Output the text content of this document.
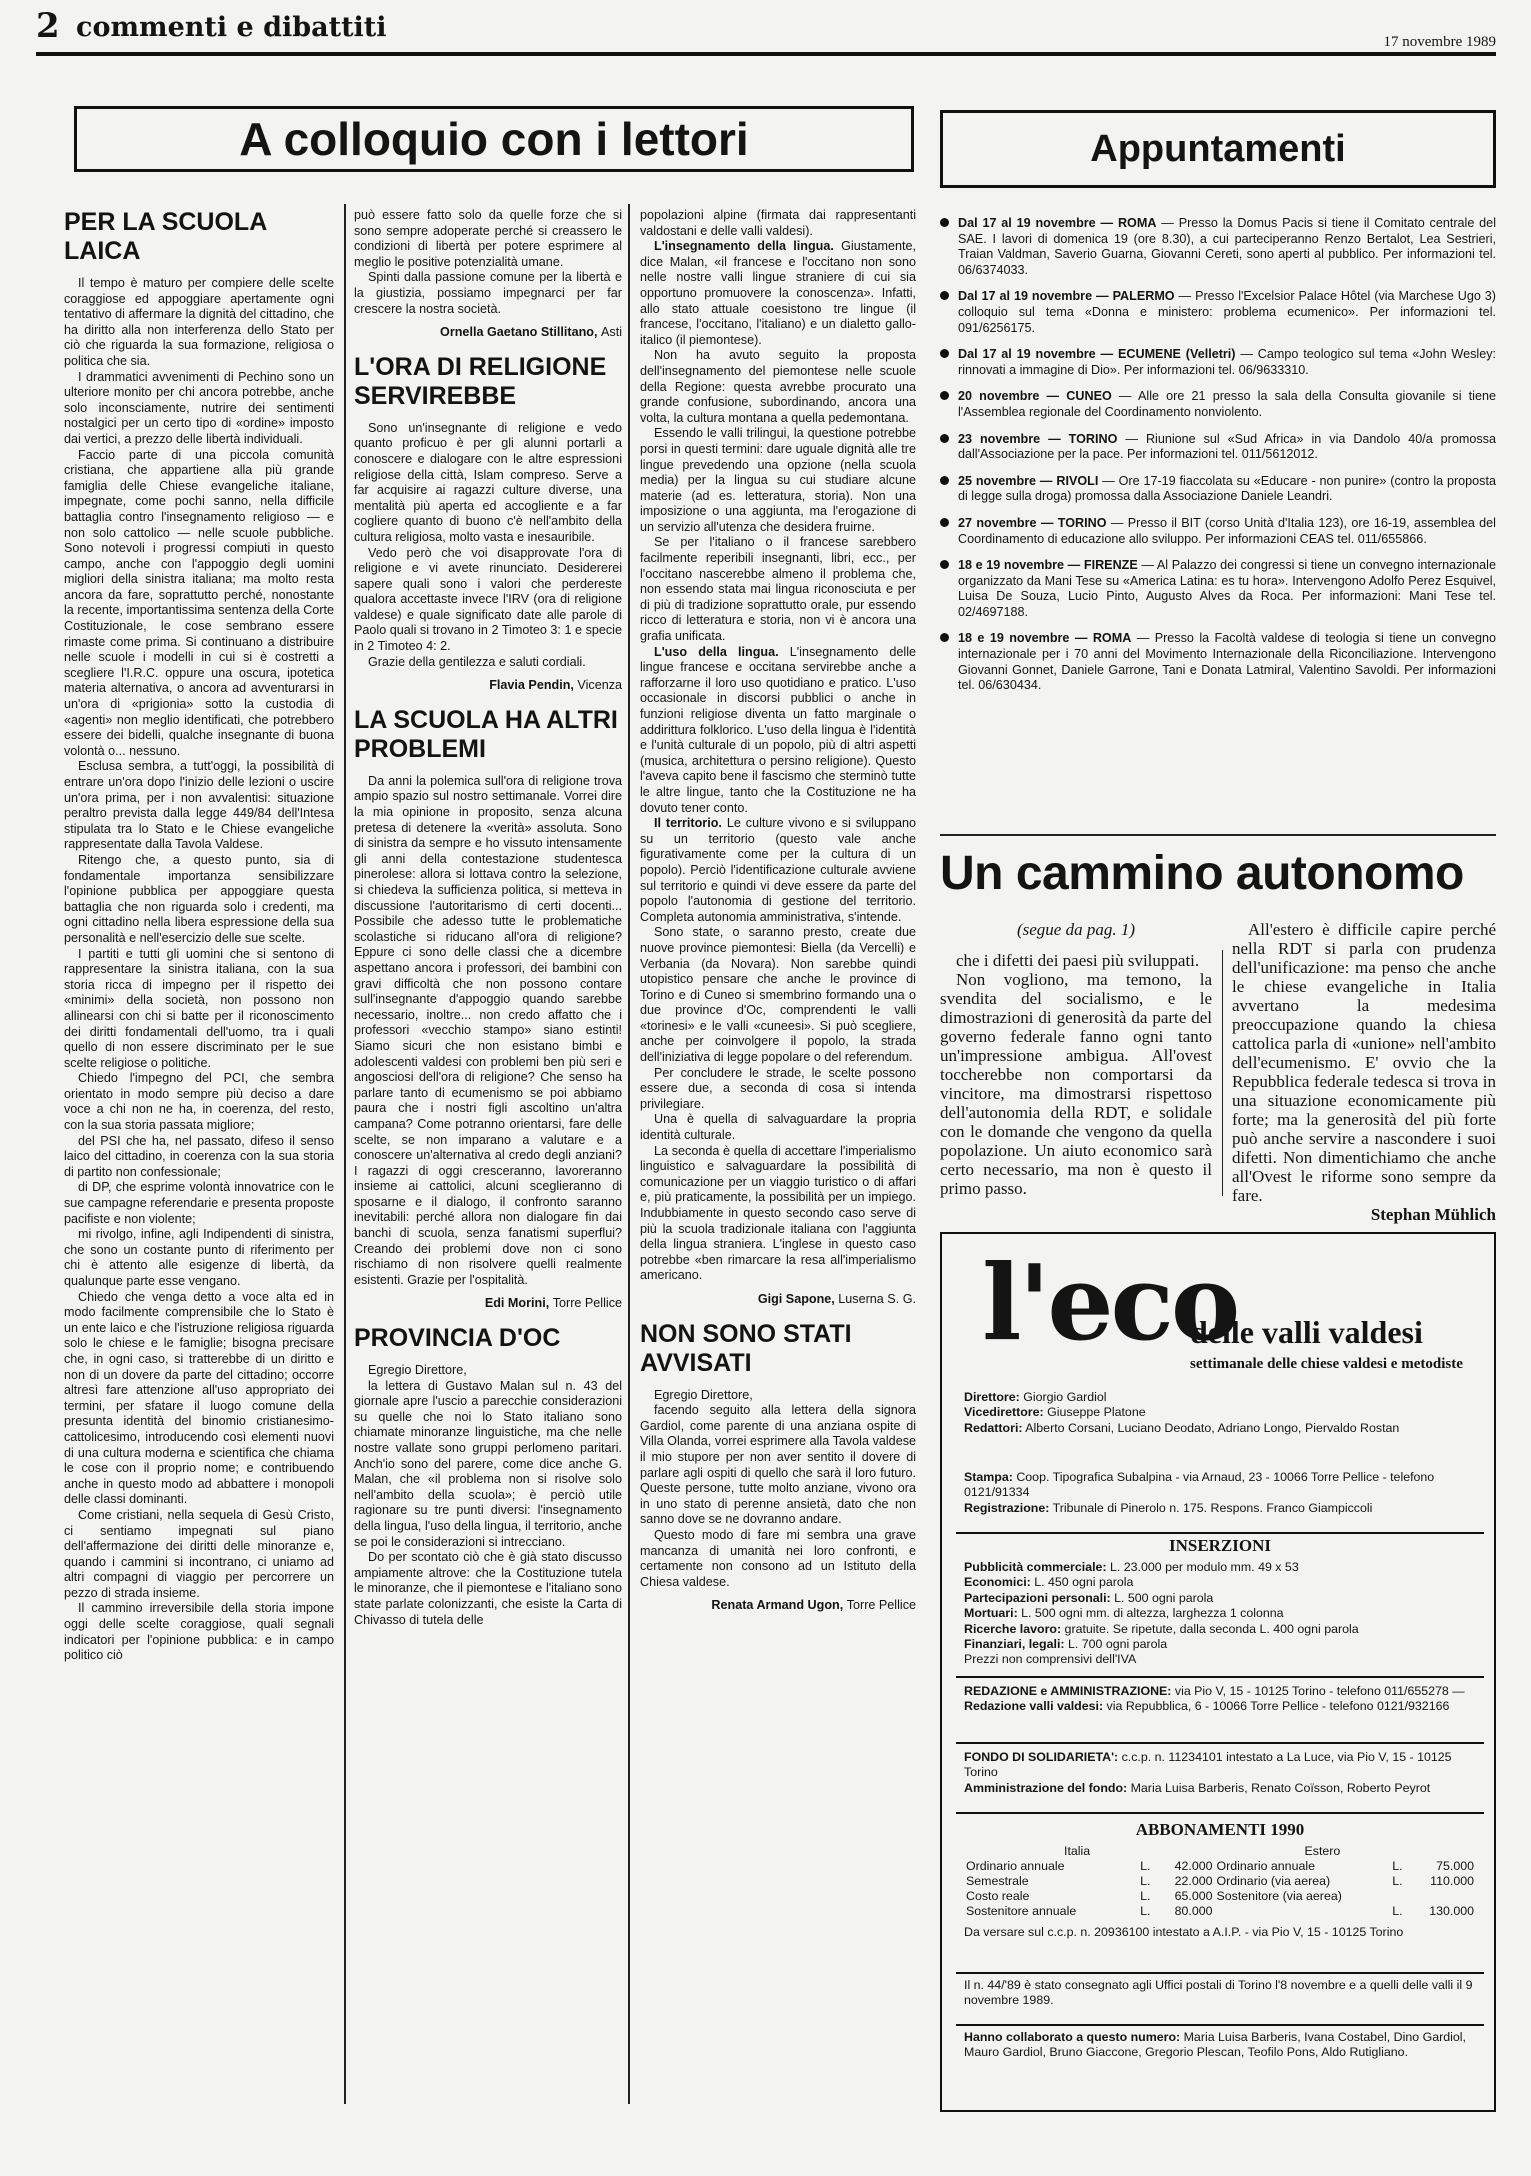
2 commenti e dibattiti	17 novembre 1989
A colloquio con i lettori	Appuntamenti
PER LA SCUOLA LAICA

Il tempo è maturo per compiere delle scelte coraggiose ed appoggiare apertamente ogni tentativo di affermare la dignità del cittadino, che ha diritto alla non interferenza dello Stato per ciò che riguarda la sua formazione, religiosa o politica che sia.

I drammatici avvenimenti di Pechino sono un ulteriore monito per chi ancora potrebbe, anche solo inconsciamente, nutrire dei sentimenti nostalgici per un certo tipo di «ordine» imposto dai vertici, a prezzo delle libertà individuali.

Faccio parte di una piccola comunità cristiana, che appartiene alla più grande famiglia delle Chiese evangeliche italiane, impegnate, come pochi sanno, nella difficile battaglia contro l'insegnamento religioso — e non solo cattolico — nelle scuole pubbliche. Sono notevoli i progressi compiuti in questo campo, anche con l'appoggio degli uomini migliori della sinistra italiana; ma molto resta ancora da fare, soprattutto perché, nonostante la recente, importantissima sentenza della Corte Costituzionale, le cose sembrano essere rimaste come prima. Si continuano a distribuire nelle scuole i modelli in cui si è costretti a scegliere l'I.R.C. oppure una oscura, ipotetica materia alternativa, o ancora ad avventurarsi in un'ora di «prigionia» sotto la custodia di «agenti» non meglio identificati, che potrebbero essere dei bidelli, qualche insegnante di buona volontà o... nessuno.

Esclusa sembra, a tutt'oggi, la possibilità di entrare un'ora dopo l'inizio delle lezioni o uscire un'ora prima, per i non avvalentisi: situazione peraltro prevista dalla legge 449/84 dell'Intesa stipulata tra lo Stato e le Chiese evangeliche rappresentate dalla Tavola Valdese.

Ritengo che, a questo punto, sia di fondamentale importanza sensibilizzare l'opinione pubblica per appoggiare questa battaglia che non riguarda solo i credenti, ma ogni cittadino nella libera espressione della sua personalità e nell'esercizio delle sue scelte.

I partiti e tutti gli uomini che si sentono di rappresentare la sinistra italiana, con la sua storia ricca di impegno per il rispetto dei «minimi» della società, non possono non allinearsi con chi si batte per il riconoscimento dei diritti fondamentali dell'uomo, tra i quali quello di non essere discriminato per le sue scelte religiose o politiche.

Chiedo l'impegno del PCI, che sembra orientato in modo sempre più deciso a dare voce a chi non ne ha, in coerenza, del resto, con la sua storia passata migliore;

del PSI che ha, nel passato, difeso il senso laico del cittadino, in coerenza con la sua storia di partito non confessionale;

di DP, che esprime volontà innovatrice con le sue campagne referendarie e presenta proposte pacifiste e non violente;

mi rivolgo, infine, agli Indipendenti di sinistra, che sono un costante punto di riferimento per chi è attento alle esigenze di libertà, da qualunque parte esse vengano.

Chiedo che venga detto a voce alta ed in modo facilmente comprensibile che lo Stato è un ente laico e che l'istruzione religiosa riguarda solo le chiese e le famiglie; bisogna precisare che, in ogni caso, si tratterebbe di un diritto e non di un dovere da parte del cittadino; occorre altresì fare attenzione all'uso appropriato dei termini, per sfatare il luogo comune della presunta identità del binomio cristianesimo-cattolicesimo, introducendo così elementi nuovi di una cultura moderna e scientifica che chiama le cose con il proprio nome; e contribuendo anche in questo modo ad abbattere i monopoli delle classi dominanti.

Come cristiani, nella sequela di Gesù Cristo, ci sentiamo impegnati sul piano dell'affermazione dei diritti delle minoranze e, quando i cammini si incontrano, ci uniamo ad altri compagni di viaggio per percorrere un pezzo di strada insieme.

Il cammino irreversibile della storia impone oggi delle scelte coraggiose, quali segnali indicatori per l'opinione pubblica: e in campo politico ciò

può essere fatto solo da quelle forze che si sono sempre adoperate perché si creassero le condizioni di libertà per potere esprimere al meglio le positive potenzialità umane.

Spinti dalla passione comune per la libertà e la giustizia, possiamo impegnarci per far crescere la nostra società.

Ornella Gaetano Stillitano, Asti

L'ORA DI RELIGIONE SERVIREBBE

Sono un'insegnante di religione e vedo quanto proficuo è per gli alunni portarli a conoscere e dialogare con le altre espressioni religiose della città, Islam compreso. Serve a far acquisire ai ragazzi culture diverse, una mentalità più aperta ed accogliente e a far cogliere quanto di buono c'è nell'ambito della cultura religiosa, molto vasta e inesauribile.

Vedo però che voi disapprovate l'ora di religione e vi avete rinunciato. Desidererei sapere quali sono i valori che perdereste qualora accettaste invece l'IRV (ora di religione valdese) e quale significato date alle parole di Paolo quali si trovano in 2 Timoteo 3: 1 e specie in 2 Timoteo 4: 2.

Grazie della gentilezza e saluti cordiali.

Flavia Pendin, Vicenza

LA SCUOLA HA ALTRI PROBLEMI

Da anni la polemica sull'ora di religione trova ampio spazio sul nostro settimanale. Vorrei dire la mia opinione in proposito, senza alcuna pretesa di detenere la «verità» assoluta. Sono di sinistra da sempre e ho vissuto intensamente gli anni della contestazione studentesca pinerolese: allora si lottava contro la selezione, si chiedeva la sufficienza politica, si metteva in discussione l'autoritarismo di certi docenti... Possibile che adesso tutte le problematiche scolastiche si riducano all'ora di religione? Eppure ci sono delle classi che a dicembre aspettano ancora i professori, dei bambini con gravi difficoltà che non possono contare sull'insegnante d'appoggio quando sarebbe necessario, inoltre... non credo affatto che i professori «vecchio stampo» siano estinti! Siamo sicuri che non esistano bimbi e adolescenti valdesi con problemi ben più seri e angosciosi dell'ora di religione? Che senso ha parlare tanto di ecumenismo se poi abbiamo paura che i nostri figli ascoltino un'altra campana? Come potranno orientarsi, fare delle scelte, se non imparano a valutare e a conoscere un'alternativa al credo degli anziani? I ragazzi di oggi cresceranno, lavoreranno insieme ai cattolici, alcuni sceglieranno di sposarne e il dialogo, il confronto saranno inevitabili: perché allora non dialogare fin dai banchi di scuola, senza fanatismi superflui? Creando dei problemi dove non ci sono rischiamo di non risolvere quelli realmente esistenti. Grazie per l'ospitalità.

Edi Morini, Torre Pellice

PROVINCIA D'OC

Egregio Direttore,

la lettera di Gustavo Malan sul n. 43 del giornale apre l'uscio a parecchie considerazioni su quelle che noi lo Stato italiano sono chiamate minoranze linguistiche, ma che nelle nostre vallate sono gruppi perlomeno paritari. Anch'io sono del parere, come dice anche G. Malan, che «il problema non si risolve solo nell'ambito della scuola»; è perciò utile ragionare su tre punti diversi: l'insegnamento della lingua, l'uso della lingua, il territorio, anche se poi le considerazioni si intrecciano.

Do per scontato ciò che è già stato discusso ampiamente altrove: che la Costituzione tutela le minoranze, che il piemontese e l'italiano sono state parlate colonizzanti, che esiste la Carta di Chivasso di tutela delle

popolazioni alpine (firmata dai rappresentanti valdostani e delle valli valdesi).

L'insegnamento della lingua. Giustamente, dice Malan, «il francese e l'occitano non sono nelle nostre valli lingue straniere di cui sia opportuno promuovere la conoscenza». Infatti, allo stato attuale coesistono tre lingue (il francese, l'occitano, l'italiano) e un dialetto gallo-italico (il piemontese).

Non ha avuto seguito la proposta dell'insegnamento del piemontese nelle scuole della Regione: questa avrebbe procurato una grande confusione, subordinando, ancora una volta, la cultura montana a quella pedemontana.

Essendo le valli trilingui, la questione potrebbe porsi in questi termini: dare uguale dignità alle tre lingue prevedendo una opzione (nella scuola media) per la lingua su cui studiare alcune materie (ad es. letteratura, storia). Non una imposizione o una aggiunta, ma l'erogazione di un servizio all'utenza che desidera fruirne.

Se per l'italiano o il francese sarebbero facilmente reperibili insegnanti, libri, ecc., per l'occitano nascerebbe almeno il problema che, non essendo stata mai lingua riconosciuta e per di più di tradizione soprattutto orale, pur essendo ricco di letteratura e storia, non vi è ancora una grafia unificata.

L'uso della lingua. L'insegnamento delle lingue francese e occitana servirebbe anche a rafforzarne il loro uso quotidiano e pratico. L'uso occasionale in discorsi pubblici o anche in funzioni religiose diventa un fatto marginale o addirittura folklorico. L'uso della lingua è l'identità e l'unità culturale di un popolo, più di altri aspetti (musica, architettura o persino religione). Questo l'aveva capito bene il fascismo che sterminò tutte le altre lingue, tanto che la Costituzione ne ha dovuto tener conto.

Il territorio. Le culture vivono e si sviluppano su un territorio (questo vale anche figurativamente come per la cultura di un popolo). Perciò l'identificazione culturale avviene sul territorio e quindi vi deve essere da parte del popolo l'autonomia di gestione del territorio. Completa autonomia amministrativa, s'intende.

Sono state, o saranno presto, create due nuove province piemontesi: Biella (da Vercelli) e Verbania (da Novara). Non sarebbe quindi utopistico pensare che anche le province di Torino e di Cuneo si smembrino formando una o due province d'Oc, comprendenti le valli «torinesi» e le valli «cuneesi». Si può scegliere, anche per coinvolgere il popolo, la strada dell'iniziativa di legge popolare o del referendum.

Per concludere le strade, le scelte possono essere due, a seconda di cosa si intenda privilegiare.

Una è quella di salvaguardare la propria identità culturale.

La seconda è quella di accettare l'imperialismo linguistico e salvaguardare la possibilità di comunicazione per un viaggio turistico o di affari e, più praticamente, la possibilità per un impiego. Indubbiamente in questo secondo caso serve di più la scuola tradizionale italiana con l'aggiunta della lingua straniera. L'inglese in questo caso potrebbe «ben rimarcare la resa all'imperialismo americano.

Gigi Sapone, Luserna S. G.

NON SONO STATI AVVISATI

Egregio Direttore,

facendo seguito alla lettera della signora Gardiol, come parente di una anziana ospite di Villa Olanda, vorrei esprimere alla Tavola valdese il mio stupore per non aver sentito il dovere di parlare agli ospiti di quello che sarà il loro futuro. Queste persone, tutte molto anziane, vivono ora in uno stato di perenne ansietà, dato che non sanno dove se ne dovranno andare.

Questo modo di fare mi sembra una grave mancanza di umanità nei loro confronti, e certamente non consono ad un Istituto della Chiesa valdese.

Renata Armand Ugon, Torre Pellice

Dal 17 al 19 novembre — ROMA — Presso la Domus Pacis si tiene il Comitato centrale del SAE. I lavori di domenica 19 (ore 8.30), a cui parteciperanno Renzo Bertalot, Lea Sestrieri, Traian Valdman, Saverio Guarna, Giovanni Cereti, sono aperti al pubblico. Per informazioni tel. 06/6374033.
Dal 17 al 19 novembre — PALERMO — Presso l'Excelsior Palace Hôtel (via Marchese Ugo 3) colloquio sul tema «Donna e ministero: problema ecumenico». Per informazioni tel. 091/6256175.
Dal 17 al 19 novembre — ECUMENE (Velletri) — Campo teologico sul tema «John Wesley: rinnovati a immagine di Dio». Per informazioni tel. 06/9633310.
20 novembre — CUNEO — Alle ore 21 presso la sala della Consulta giovanile si tiene l'Assemblea regionale del Coordinamento nonviolento.
23 novembre — TORINO — Riunione sul «Sud Africa» in via Dandolo 40/a promossa dall'Associazione per la pace. Per informazioni tel. 011/5612012.
25 novembre — RIVOLI — Ore 17-19 fiaccolata su «Educare - non punire» (contro la proposta di legge sulla droga) promossa dalla Associazione Daniele Leandri.
27 novembre — TORINO — Presso il BIT (corso Unità d'Italia 123), ore 16-19, assemblea del Coordinamento di educazione allo sviluppo. Per informazioni CEAS tel. 011/655866.
18 e 19 novembre — FIRENZE — Al Palazzo dei congressi si tiene un convegno internazionale organizzato da Mani Tese su «America Latina: es tu hora». Intervengono Adolfo Perez Esquivel, Luisa De Souza, Lucio Pinto, Augusto Alves da Roca. Per informazioni: Mani Tese tel. 02/4697188.
18 e 19 novembre — ROMA — Presso la Facoltà valdese di teologia si tiene un convegno internazionale per i 70 anni del Movimento Internazionale della Riconciliazione. Intervengono Giovanni Gonnet, Daniele Garrone, Tani e Donata Latmiral, Valentino Savoldi. Per informazioni tel. 06/630434.
Un cammino autonomo

(segue da pag. 1)

che i difetti dei paesi più sviluppati.

Non vogliono, ma temono, la svendita del socialismo, e le dimostrazioni di generosità da parte del governo federale fanno ogni tanto un'impressione ambigua. All'ovest toccherebbe non comportarsi da vincitore, ma dimostrarsi rispettoso dell'autonomia della RDT, e solidale con le domande che vengono da quella popolazione. Un aiuto economico sarà certo necessario, ma non è questo il primo passo.

All'estero è difficile capire perché nella RDT si parla con prudenza dell'unificazione: ma penso che anche le chiese evangeliche in Italia avvertano la medesima preoccupazione quando la chiesa cattolica parla di «unione» nell'ambito dell'ecumenismo. E' ovvio che la Repubblica federale tedesca si trova in una situazione economicamente più forte; ma la generosità del più forte può anche servire a nascondere i suoi difetti. Non dimentichiamo che anche all'Ovest le riforme sono sempre da fare.

Stephan Mühlich

l'eco
delle valli valdesi
settimanale delle chiese valdesi e metodiste
Direttore: Giorgio Gardiol
Vicedirettore: Giuseppe Platone
Redattori: Alberto Corsani, Luciano Deodato, Adriano Longo, Piervaldo Rostan
Stampa: Coop. Tipografica Subalpina - via Arnaud, 23 - 10066 Torre Pellice - telefono 0121/91334
Registrazione: Tribunale di Pinerolo n. 175. Respons. Franco Giampiccoli
INSERZIONI
Pubblicità commerciale: L. 23.000 per modulo mm. 49 x 53
Economici: L. 450 ogni parola
Partecipazioni personali: L. 500 ogni parola
Mortuari: L. 500 ogni mm. di altezza, larghezza 1 colonna
Ricerche lavoro: gratuite. Se ripetute, dalla seconda L. 400 ogni parola
Finanziari, legali: L. 700 ogni parola
Prezzi non comprensivi dell'IVA
REDAZIONE e AMMINISTRAZIONE: via Pio V, 15 - 10125 Torino - telefono 011/655278 — Redazione valli valdesi: via Repubblica, 6 - 10066 Torre Pellice - telefono 0121/932166
FONDO DI SOLIDARIETA': c.c.p. n. 11234101 intestato a La Luce, via Pio V, 15 - 10125 Torino
Amministrazione del fondo: Maria Luisa Barberis, Renato Coïsson, Roberto Peyrot
ABBONAMENTI 1990
Italia			Estero		
Ordinario annuale	L.	42.000	Ordinario annuale	L.	75.000
Semestrale	L.	22.000	Ordinario (via aerea)	L.	110.000
Costo reale	L.	65.000	Sostenitore (via aerea)		
Sostenitore annuale	L.	80.000		L.	130.000
Da versare sul c.c.p. n. 20936100 intestato a A.I.P. - via Pio V, 15 - 10125 Torino
Il n. 44/'89 è stato consegnato agli Uffici postali di Torino l'8 novembre e a quelli delle valli il 9 novembre 1989.
Hanno collaborato a questo numero: Maria Luisa Barberis, Ivana Costabel, Dino Gardiol, Mauro Gardiol, Bruno Giaccone, Gregorio Plescan, Teofilo Pons, Aldo Rutigliano.
